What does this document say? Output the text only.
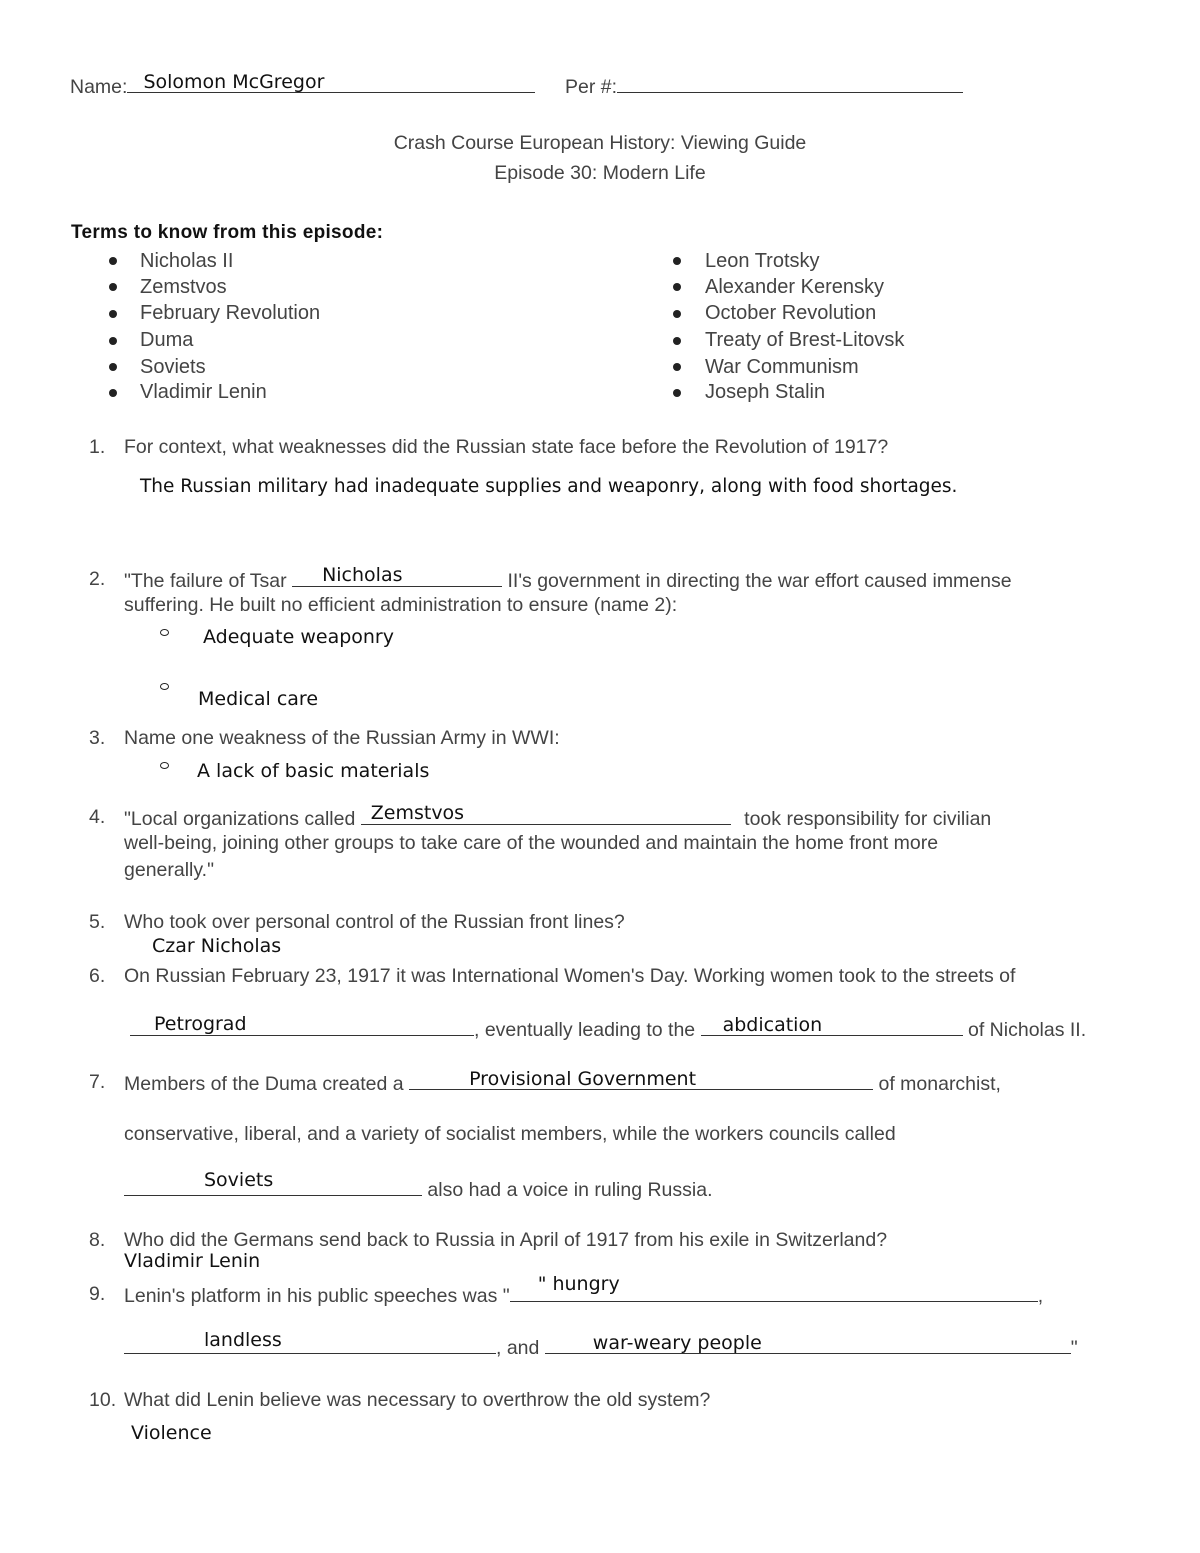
Name: Solomon McGregor	Per #:
Crash Course European History: Viewing Guide
Episode 30: Modern Life
Terms to know from this episode:
Nicholas II
Zemstvos
February Revolution
Duma
Soviets
Vladimir Lenin
Leon Trotsky
Alexander Kerensky
October Revolution
Treaty of Brest-Litovsk
War Communism
Joseph Stalin
1. For context, what weaknesses did the Russian state face before the Revolution of 1917?
The Russian military had inadequate supplies and weaponry, along with food shortages.
2. "The failure of Tsar Nicholas	II's government in directing the war effort caused immense
suffering. He built no efficient administration to ensure (name 2):
Adequate weaponry
Medical care
3. Name one weakness of the Russian Army in WWI:
A lack of basic materials
4. "Local organizations called Zemstvos	took responsibility for civilian
well-being, joining other groups to take care of the wounded and maintain the home front more
generally."
5. Who took over personal control of the Russian front lines?
Czar Nicholas
6. On Russian February 23, 1917 it was International Women's Day. Working women took to the streets of
Petrograd	, eventually leading to the abdication	of Nicholas II.
7. Members of the Duma created a	Provisional Government	of monarchist,
conservative, liberal, and a variety of socialist members, while the workers councils called
Soviets	also had a voice in ruling Russia.
8. Who did the Germans send back to Russia in April of 1917 from his exile in Switzerland?
Vladimir Lenin
9. Lenin's platform in his public speeches was "
" hungry
,
landless	, and	war-weary people	"
10. What did Lenin believe was necessary to overthrow the old system?
Violence
